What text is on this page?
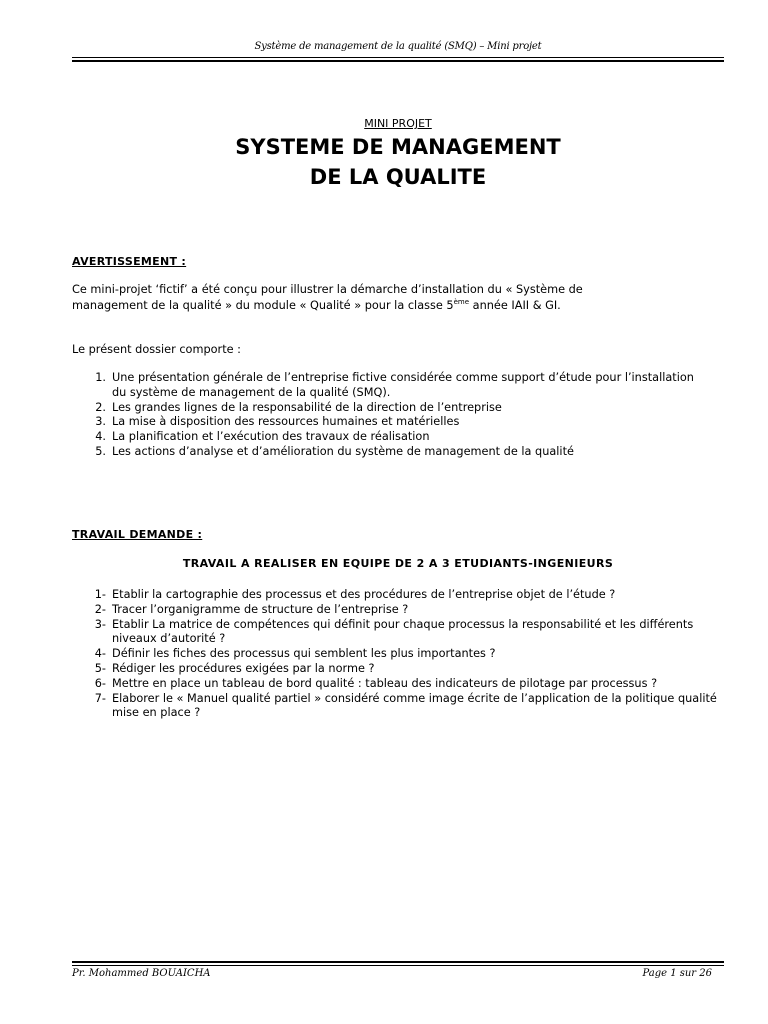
Système de management de la qualité (SMQ) – Mini projet
MINI PROJET
SYSTEME DE MANAGEMENT
DE LA QUALITE
AVERTISSEMENT :
Ce mini-projet ‘fictif’ a été conçu pour illustrer la démarche d’installation du « Système de
management de la qualité » du module « Qualité » pour la classe 5ème année IAII & GI.
Le présent dossier comporte :
1. Une présentation générale de l’entreprise fictive considérée comme support d’étude pour l’installation du système de management de la qualité (SMQ).
2. Les grandes lignes de la responsabilité de la direction de l’entreprise
3. La mise à disposition des ressources humaines et matérielles
4. La planification et l’exécution des travaux de réalisation
5. Les actions d’analyse et d’amélioration du système de management de la qualité
TRAVAIL DEMANDE :
TRAVAIL A REALISER EN EQUIPE DE 2 A 3 ETUDIANTS-INGENIEURS
1- Etablir la cartographie des processus et des procédures de l’entreprise objet de l’étude ?
2- Tracer l’organigramme de structure de l’entreprise ?
3- Etablir La matrice de compétences qui définit pour chaque processus la responsabilité et les différents niveaux d’autorité ?
4- Définir les fiches des processus qui semblent les plus importantes ?
5- Rédiger les procédures exigées par la norme ?
6- Mettre en place un tableau de bord qualité : tableau des indicateurs de pilotage par processus ?
7- Elaborer le « Manuel qualité partiel » considéré comme image écrite de l’application de la politique qualité mise en place ?
Pr. Mohammed BOUAICHA	Page 1 sur 26
